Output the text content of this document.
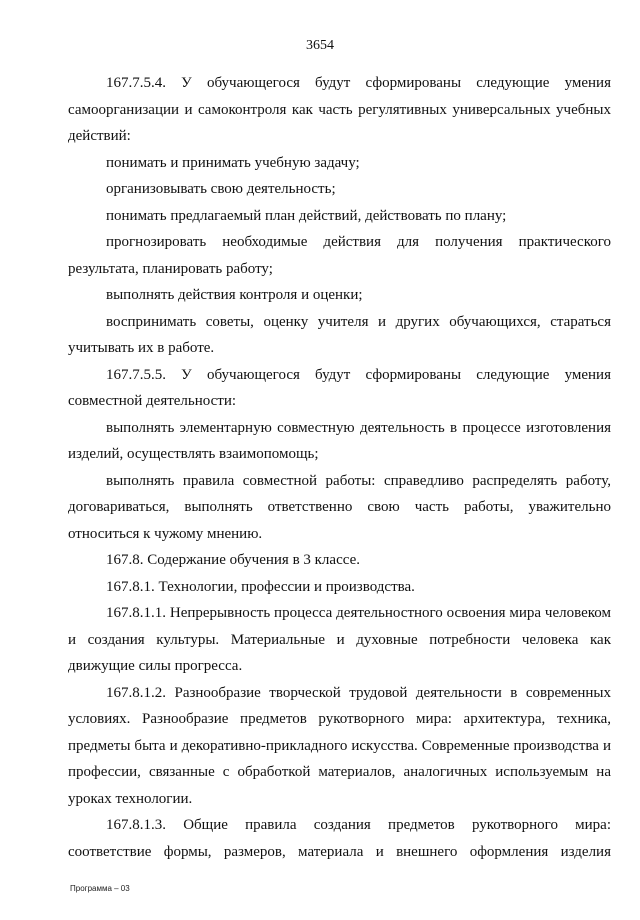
3654

167.7.5.4. У обучающегося будут сформированы следующие умения самоорганизации и самоконтроля как часть регулятивных универсальных учебных действий:

понимать и принимать учебную задачу;

организовывать свою деятельность;

понимать предлагаемый план действий, действовать по плану;

прогнозировать необходимые действия для получения практического результата, планировать работу;

выполнять действия контроля и оценки;

воспринимать советы, оценку учителя и других обучающихся, стараться учитывать их в работе.

167.7.5.5. У обучающегося будут сформированы следующие умения совместной деятельности:

выполнять элементарную совместную деятельность в процессе изготовления изделий, осуществлять взаимопомощь;

выполнять правила совместной работы: справедливо распределять работу, договариваться, выполнять ответственно свою часть работы, уважительно относиться к чужому мнению.

167.8. Содержание обучения в 3 классе.

167.8.1. Технологии, профессии и производства.

167.8.1.1. Непрерывность процесса деятельностного освоения мира человеком и создания культуры. Материальные и духовные потребности человека как движущие силы прогресса.

167.8.1.2. Разнообразие творческой трудовой деятельности в современных условиях. Разнообразие предметов рукотворного мира: архитектура, техника, предметы быта и декоративно-прикладного искусства. Современные производства и профессии, связанные с обработкой материалов, аналогичных используемым на уроках технологии.

167.8.1.3. Общие правила создания предметов рукотворного мира: соответствие формы, размеров, материала и внешнего оформления изделия

Программа – 03
